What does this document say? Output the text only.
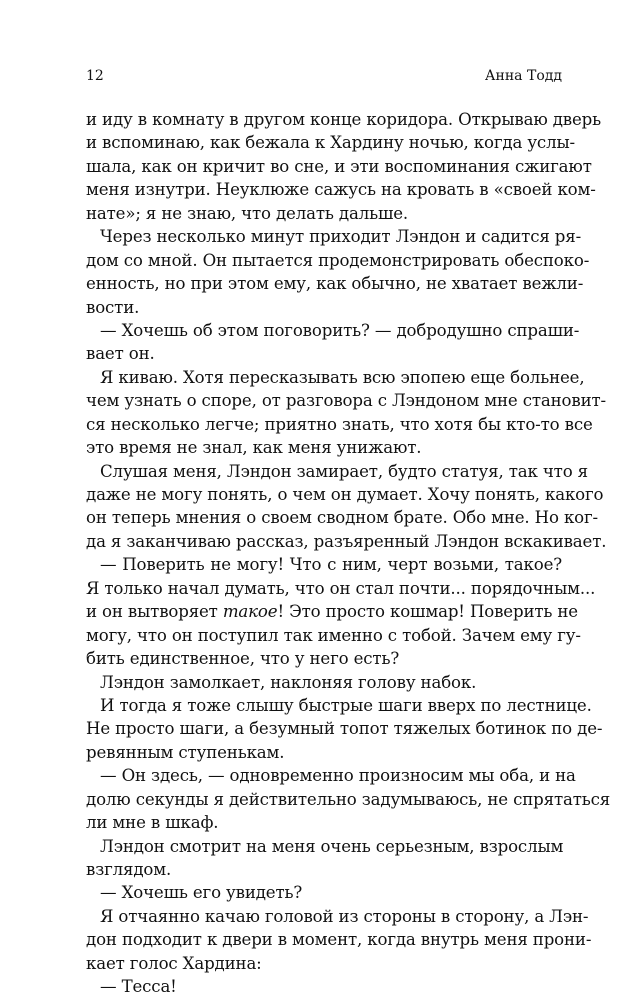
12	Анна Тодд
и иду в комнату в другом конце коридора. Открываю дверь
и вспоминаю, как бежала к Хардину ночью, когда услы-
шала, как он кричит во сне, и эти воспоминания сжигают
меня изнутри. Неуклюже сажусь на кровать в «своей ком-
нате»; я не знаю, что делать дальше.
Через несколько минут приходит Лэндон и садится ря-
дом со мной. Он пытается продемонстрировать обеспоко-
енность, но при этом ему, как обычно, не хватает вежли-
вости.
— Хочешь об этом поговорить? — добродушно спраши-
вает он.
Я киваю. Хотя пересказывать всю эпопею еще больнее,
чем узнать о споре, от разговора с Лэндоном мне становит-
ся несколько легче; приятно знать, что хотя бы кто-то все
это время не знал, как меня унижают.
Слушая меня, Лэндон замирает, будто статуя, так что я
даже не могу понять, о чем он думает. Хочу понять, какого
он теперь мнения о своем сводном брате. Обо мне. Но ког-
да я заканчиваю рассказ, разъяренный Лэндон вскакивает.
— Поверить не могу! Что с ним, черт возьми, такое?
Я только начал думать, что он стал почти... порядочным...
и он вытворяет такое! Это просто кошмар! Поверить не
могу, что он поступил так именно с тобой. Зачем ему гу-
бить единственное, что у него есть?
Лэндон замолкает, наклоняя голову набок.
И тогда я тоже слышу быстрые шаги вверх по лестнице.
Не просто шаги, а безумный топот тяжелых ботинок по де-
ревянным ступенькам.
— Он здесь, — одновременно произносим мы оба, и на
долю секунды я действительно задумываюсь, не спрятаться
ли мне в шкаф.
Лэндон смотрит на меня очень серьезным, взрослым
взглядом.
— Хочешь его увидеть?
Я отчаянно качаю головой из стороны в сторону, а Лэн-
дон подходит к двери в момент, когда внутрь меня прони-
кает голос Хардина:
— Тесса!
